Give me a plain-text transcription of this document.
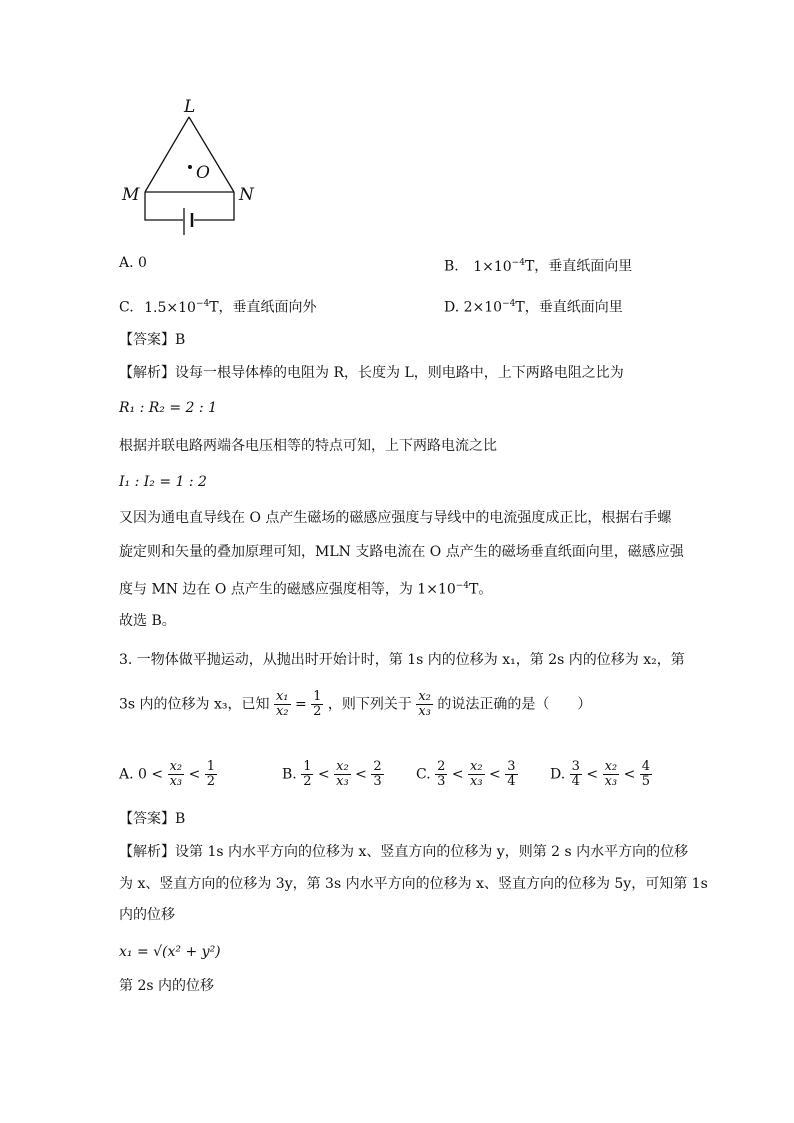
L
O
M	N
A. 0	B. $1\times 10^{-4}T$，垂直纸面向里
C. $1.5\times 10^{-4}T$，垂直纸面向外	D. $2\times 10^{-4}T$，垂直纸面向里
【答案】B
【解析】设每一根导体棒的电阻为 R，长度为 L，则电路中，上下两路电阻之比为
R₁ : R₂ = 2 : 1
根据并联电路两端各电压相等的特点可知，上下两路电流之比
I₁ : I₂ = 1 : 2
又因为通电直导线在 O 点产生磁场的磁感应强度与导线中的电流强度成正比，根据右手螺
旋定则和矢量的叠加原理可知，MLN 支路电流在 O 点产生的磁场垂直纸面向里，磁感应强
度与 MN 边在 O 点产生的磁感应强度相等，为 $1\times 10^{-4}T$。
故选 B。
3. 一物体做平抛运动，从抛出时开始计时，第 1s 内的位移为 x₁，第 2s 内的位移为 x₂，第
3s 内的位移为 x₃，已知 $\frac{\text{x₁}}{\text{x₂}} = \frac{1}{2}$ ，则下列关于 $\frac{\text{x₂}}{\text{x₃}}$ 的说法正确的是（　　）
A. $0 < \frac{\text{x₂}}{\text{x₃}} < \frac{1}{2}$	B. $\frac{1}{2} < \frac{\text{x₂}}{\text{x₃}} < \frac{2}{3} C$. $\frac{2}{3} < \frac{\text{x₂}}{\text{x₃}} < \frac{3}{4} D$. $\frac{3}{4} < \frac{\text{x₂}}{\text{x₃}} < \frac{4}{5}$
【答案】B
【解析】设第 1s 内水平方向的位移为 x、竖直方向的位移为 y，则第 2 s 内水平方向的位移
为 x、竖直方向的位移为 3y，第 3s 内水平方向的位移为 x、竖直方向的位移为 5y，可知第 1s
内的位移
x₁ = √(x² + y²)
第 2s 内的位移
